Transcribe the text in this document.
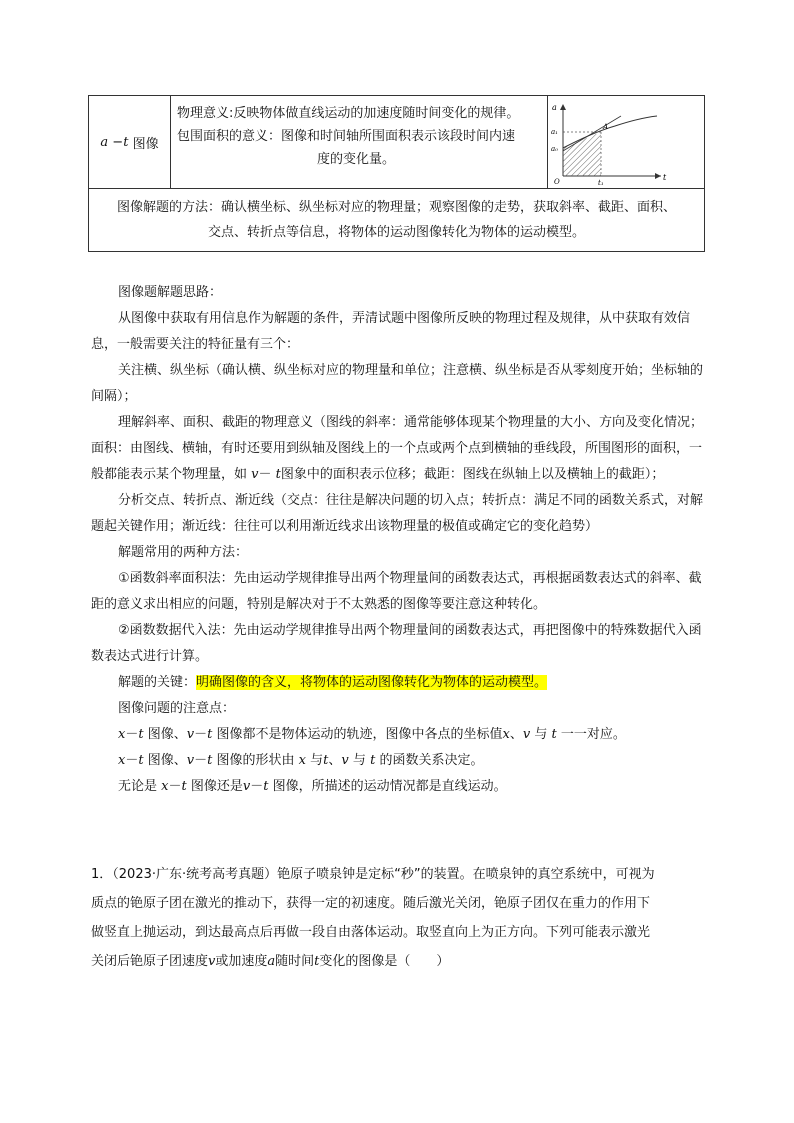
a − t 图像

物理意义:反映物体做直线运动的加速度随时间变化的规律。

包围面积的意义：图像和时间轴所围面积表示该段时间内速

度的变化量。

a
t
O
a₁
a₀
t₁
A

图像解题的方法：确认横坐标、纵坐标对应的物理量；观察图像的走势，获取斜率、截距、面积、

交点、转折点等信息，将物体的运动图像转化为物体的运动模型。

图像题解题思路：

从图像中获取有用信息作为解题的条件，弄清试题中图像所反映的物理过程及规律，从中获取有效信息，一般需要关注的特征量有三个：

关注横、纵坐标（确认横、纵坐标对应的物理量和单位；注意横、纵坐标是否从零刻度开始；坐标轴的间隔）；

理解斜率、面积、截距的物理意义（图线的斜率：通常能够体现某个物理量的大小、方向及变化情况；面积：由图线、横轴，有时还要用到纵轴及图线上的一个点或两个点到横轴的垂线段，所围图形的面积，一般都能表示某个物理量，如 v－ t图象中的面积表示位移；截距：图线在纵轴上以及横轴上的截距）；

分析交点、转折点、渐近线（交点：往往是解决问题的切入点；转折点：满足不同的函数关系式，对解题起关键作用；渐近线：往往可以利用渐近线求出该物理量的极值或确定它的变化趋势）

解题常用的两种方法：

①函数斜率面积法：先由运动学规律推导出两个物理量间的函数表达式，再根据函数表达式的斜率、截距的意义求出相应的问题，特别是解决对于不太熟悉的图像等要注意这种转化。

②函数数据代入法：先由运动学规律推导出两个物理量间的函数表达式，再把图像中的特殊数据代入函数表达式进行计算。

解题的关键：明确图像的含义，将物体的运动图像转化为物体的运动模型。

图像问题的注意点：

x－t 图像、v－t 图像都不是物体运动的轨迹，图像中各点的坐标值x、v 与 t 一一对应。

x－t 图像、v－t 图像的形状由 x 与t、v 与 t 的函数关系决定。

无论是 x－t 图像还是v－t 图像，所描述的运动情况都是直线运动。

1．（2023·广东·统考高考真题）铯原子喷泉钟是定标“秒”的装置。在喷泉钟的真空系统中，可视为

质点的铯原子团在激光的推动下，获得一定的初速度。随后激光关闭，铯原子团仅在重力的作用下

做竖直上抛运动，到达最高点后再做一段自由落体运动。取竖直向上为正方向。下列可能表示激光

关闭后铯原子团速度v或加速度a随时间t变化的图像是（　　）
